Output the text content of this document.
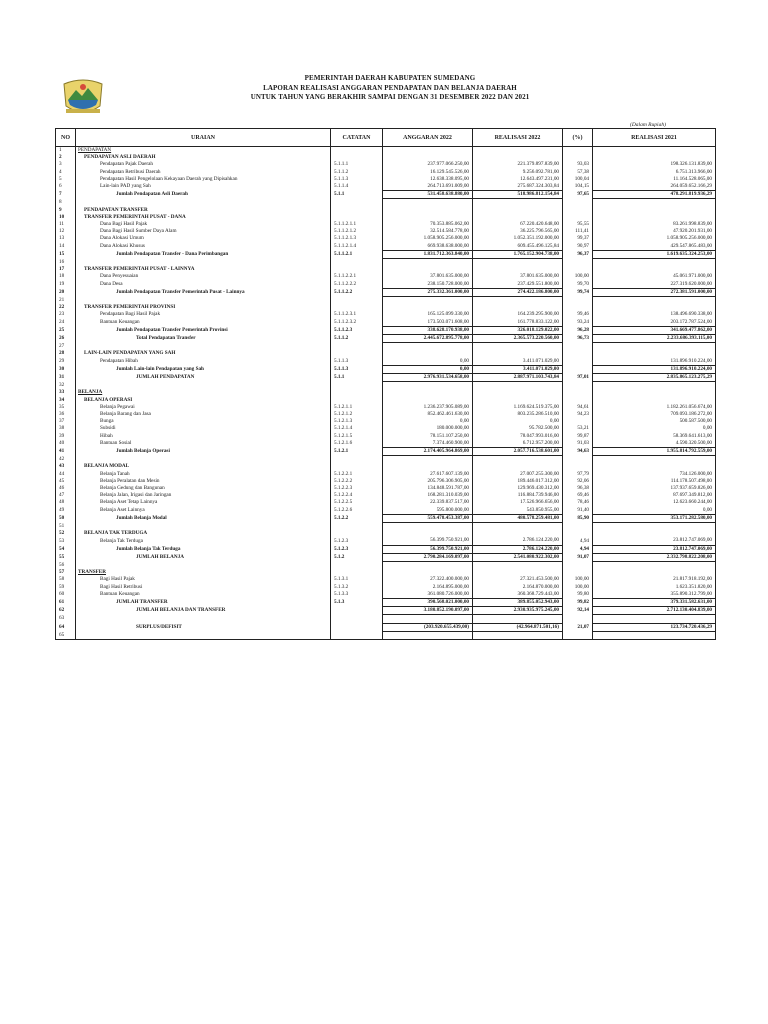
PEMERINTAH DAERAH KABUPATEN SUMEDANG
LAPORAN REALISASI ANGGARAN PENDAPATAN DAN BELANJA DAERAH
UNTUK TAHUN YANG BERAKHIR SAMPAI DENGAN 31 DESEMBER 2022 DAN 2021
(Dalam Rupiah)
NO	URAIAN	CATATAN	ANGGARAN 2022	REALISASI 2022	(%)	REALISASI 2021
1	PENDAPATAN					
2	PENDAPATAN ASLI DAERAH					
3	Pendapatan Pajak Daerah	5.1.1.1	237.977.066.250,00	221.379.897.839,00	93,03	198.326.131.839,00
4	Pendapatan Retribusi Daerah	5.1.1.2	16.129.545.526,00	9.256.092.781,00	57,38	6.751.313.966,00
5	Pendapatan Hasil Pengelolaan Kekayaan Daerah yang Dipisahkan	5.1.1.3	12.638.338.095,00	12.643.497.231,00	100,04	11.164.528.065,00
6	Lain-lain PAD yang Sah	5.1.1.4	264.713.691.009,00	275.687.324.303,84	104,15	264.059.652.166,29
7	Jumlah Pendapatan Asli Daerah	5.1.1	531.458.638.880,00	518.986.812.154,84	97,65	478.291.819.936,29
8						
9	PENDAPATAN TRANSFER					
10	TRANSFER PEMERINTAH PUSAT - DANA					
11	Dana Bagi Hasil Pajak	5.1.1.2.1.1	70.353.885.062,00	67.220.420.648,00	95,55	83.261.998.839,00
12	Dana Bagi Hasil Sumber Daya Alam	5.1.1.2.1.2	32.514.584.778,00	36.225.796.565,00	111,41	47.920.201.931,00
13	Dana Alokasi Umum	5.1.1.2.1.3	1.058.905.256.000,00	1.052.351.192.000,00	99,37	1.058.905.256.000,00
14	Dana Alokasi Khusus	5.1.1.2.1.4	669.938.638.000,00	609.455.496.125,84	90,97	429.547.865.483,00
15	Jumlah Pendapatan Transfer - Dana Perimbangan	5.1.1.2.1	1.831.712.363.840,00	1.765.152.904.738,00	96,37	1.619.635.324.253,00
16						
17	TRANSFER PEMERINTAH PUSAT - LAINNYA					
18	Dana Penyesuaian	5.1.1.2.2.1	37.801.635.000,00	37.801.635.000,00	100,00	45.061.971.000,00
19	Dana Desa	5.1.1.2.2.2	238.150.728.000,00	237.429.551.800,00	99,70	227.319.620.000,00
20	Jumlah Pendapatan Transfer Pemerintah Pusat - Lainnya	5.1.1.2.2	275.332.361.000,00	274.422.186.800,00	99,74	272.381.591.000,00
21						
22	TRANSFER PEMERINTAH PROVINSI					
23	Pendapatan Bagi Hasil Pajak	5.1.1.2.3.1	165.125.099.330,00	164.239.295.900,00	99,46	138.496.690.338,00
24	Bantuan Keuangan	5.1.1.2.3.2	173.503.071.608,00	161.778.833.122,00	93,24	203.172.787.524,00
25	Jumlah Pendapatan Transfer Pemerintah Provinsi	5.1.1.2.3	338.628.170.938,00	326.018.129.022,00	96,28	341.669.477.862,00
26	Total Pendapatan Transfer	5.1.1.2	2.445.672.895.778,00	2.365.573.220.560,00	96,73	2.233.686.393.115,00
27						
28	LAIN-LAIN PENDAPATAN YANG SAH					
29	Pendapatan Hibah	5.1.1.3	0,00	3.411.071.029,00		131.896.910.224,00
30	Jumlah Lain-lain Pendapatan yang Sah	5.1.1.3	0,00	3.411.071.029,00		131.896.910.224,00
31	JUMLAH PENDAPATAN	5.1.1	2.976.931.534.658,00	2.887.971.103.743,84	97,01	2.835.865.123.275,29
32						
33	BELANJA					
34	BELANJA OPERASI					
35	Belanja Pegawai	5.1.2.1.1	1.236.237.905.089,00	1.169.624.519.375,00	94,61	1.182.261.056.674,00
36	Belanja Barang dan Jasa	5.1.2.1.2	852.462.461.630,00	803.235.286.510,00	94,23	709.093.186.272,00
37	Bunga	5.1.2.1.3	0,00	0,00		500.587.500,00
38	Subsidi	5.1.2.1.4	180.000.000,00	95.782.500,00	53,21	0,00
39	Hibah	5.1.2.1.5	78.151.107.250,00	78.047.993.016,00	99,87	58.369.641.613,00
40	Bantuan Sosial	5.1.2.1.6	7.374.460.900,00	6.712.957.200,00	91,03	4.590.320.500,00
41	Jumlah Belanja Operasi	5.1.2.1	2.174.405.964.869,00	2.057.716.538.601,00	94,63	1.955.814.792.559,00
42						
43	BELANJA MODAL					
44	Belanja Tanah	5.1.2.2.1	27.617.607.139,00	27.007.255.300,00	97,79	734.126.000,00
45	Belanja Peralatan dan Mesin	5.1.2.2.2	205.796.306.905,00	189.446.017.312,00	92,06	114.178.507.498,00
46	Belanja Gedung dan Bangunan	5.1.2.2.3	134.848.591.787,00	129.969.430.312,00	96,38	137.937.659.826,00
47	Belanja Jalan, Irigasi dan Jaringan	5.1.2.2.4	168.281.310.039,00	116.884.739.946,00	69,46	87.697.349.812,00
48	Belanja Aset Tetap Lainnya	5.1.2.2.5	22.339.837.517,00	17.526.966.656,00	78,46	12.623.660.244,00
49	Belanja Aset Lainnya	5.1.2.2.6	595.800.000,00	543.850.955,00	91,40	0,00
50	Jumlah Belanja Modal	5.1.2.2	559.478.453.387,00	480.578.259.481,00	85,90	353.171.282.580,00
51						
52	BELANJA TAK TERDUGA					
53	Belanja Tak Terduga	5.1.2.3	56.399.750.921,00	2.786.124.220,00	4,94	23.812.747.069,00
54	Jumlah Belanja Tak Terduga	5.1.2.3	56.399.750.921,00	2.786.124.220,00	4,94	23.812.747.069,00
55	JUMLAH BELANJA	5.1.2	2.790.284.169.097,00	2.541.080.922.302,00	91,07	2.332.798.822.208,00
56						
57	TRANSFER					
58	Bagi Hasil Pajak	5.1.3.1	27.322.400.000,00	27.321.453.500,00	100,00	21.817.918.192,00
59	Bagi Hasil Retribusi	5.1.3.2	2.164.895.000,00	2.164.870.000,00	100,00	1.623.351.820,00
60	Bantuan Keuangan	5.1.3.3	361.080.726.000,00	360.368.729.443,00	99,80	355.890.312.799,00
61	JUMLAH TRANSFER	5.1.3	390.568.021.000,00	389.855.052.943,00	99,82	379.331.582.631,00
62	JUMLAH BELANJA DAN TRANSFER		3.180.852.190.097,00	2.930.935.975.245,00	92,14	2.712.130.404.839,00
63						
64	SURPLUS/DEFISIT		(203.920.655.439,00)	(42.964.871.501,16)	21,07	123.734.720.436,29
65						
